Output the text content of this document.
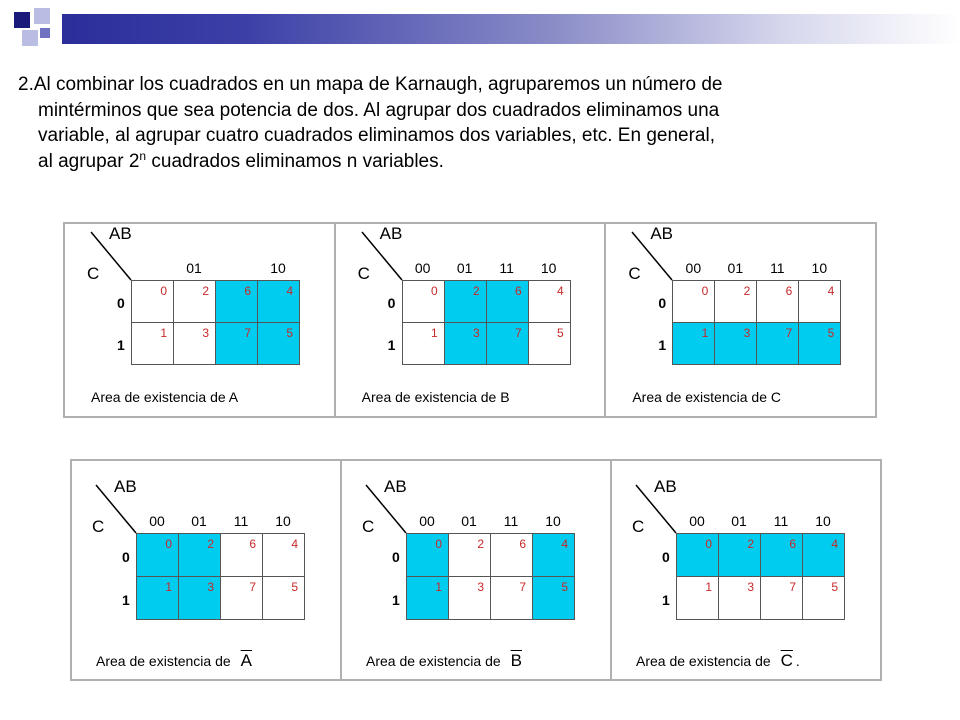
2.Al combinar los cuadrados en un mapa de Karnaugh, agruparemos un número de
mintérminos que sea potencia de dos. Al agrupar dos cuadrados eliminamos una
variable, al agrupar cuatro cuadrados eliminamos dos variables, etc. En general,
al agrupar 2$^n$ cuadrados eliminamos n variables.
AB
C	01	10
0
1
0	2	6	4
1	3	7	5
Area de existencia de A
AB
C	00	01	11	10
0
1
0	2	6	4
1	3	7	5
Area de existencia de B
AB
C	00	01	11	10
0
1
0	2	6	4
1	3	7	5
Area de existencia de C
AB
C	00	01	11	10
0
1
0	2	6	4
1	3	7	5
Area de existencia de $\overline{A}$
AB
C	00	01	11	10
0
1
0	2	6	4
1	3	7	5
Area de existencia de $\overline{B}$
AB
C	00	01	11	10
0
1
0	2	6	4
1	3	7	5
Area de existencia de $\overline{C}$ .
